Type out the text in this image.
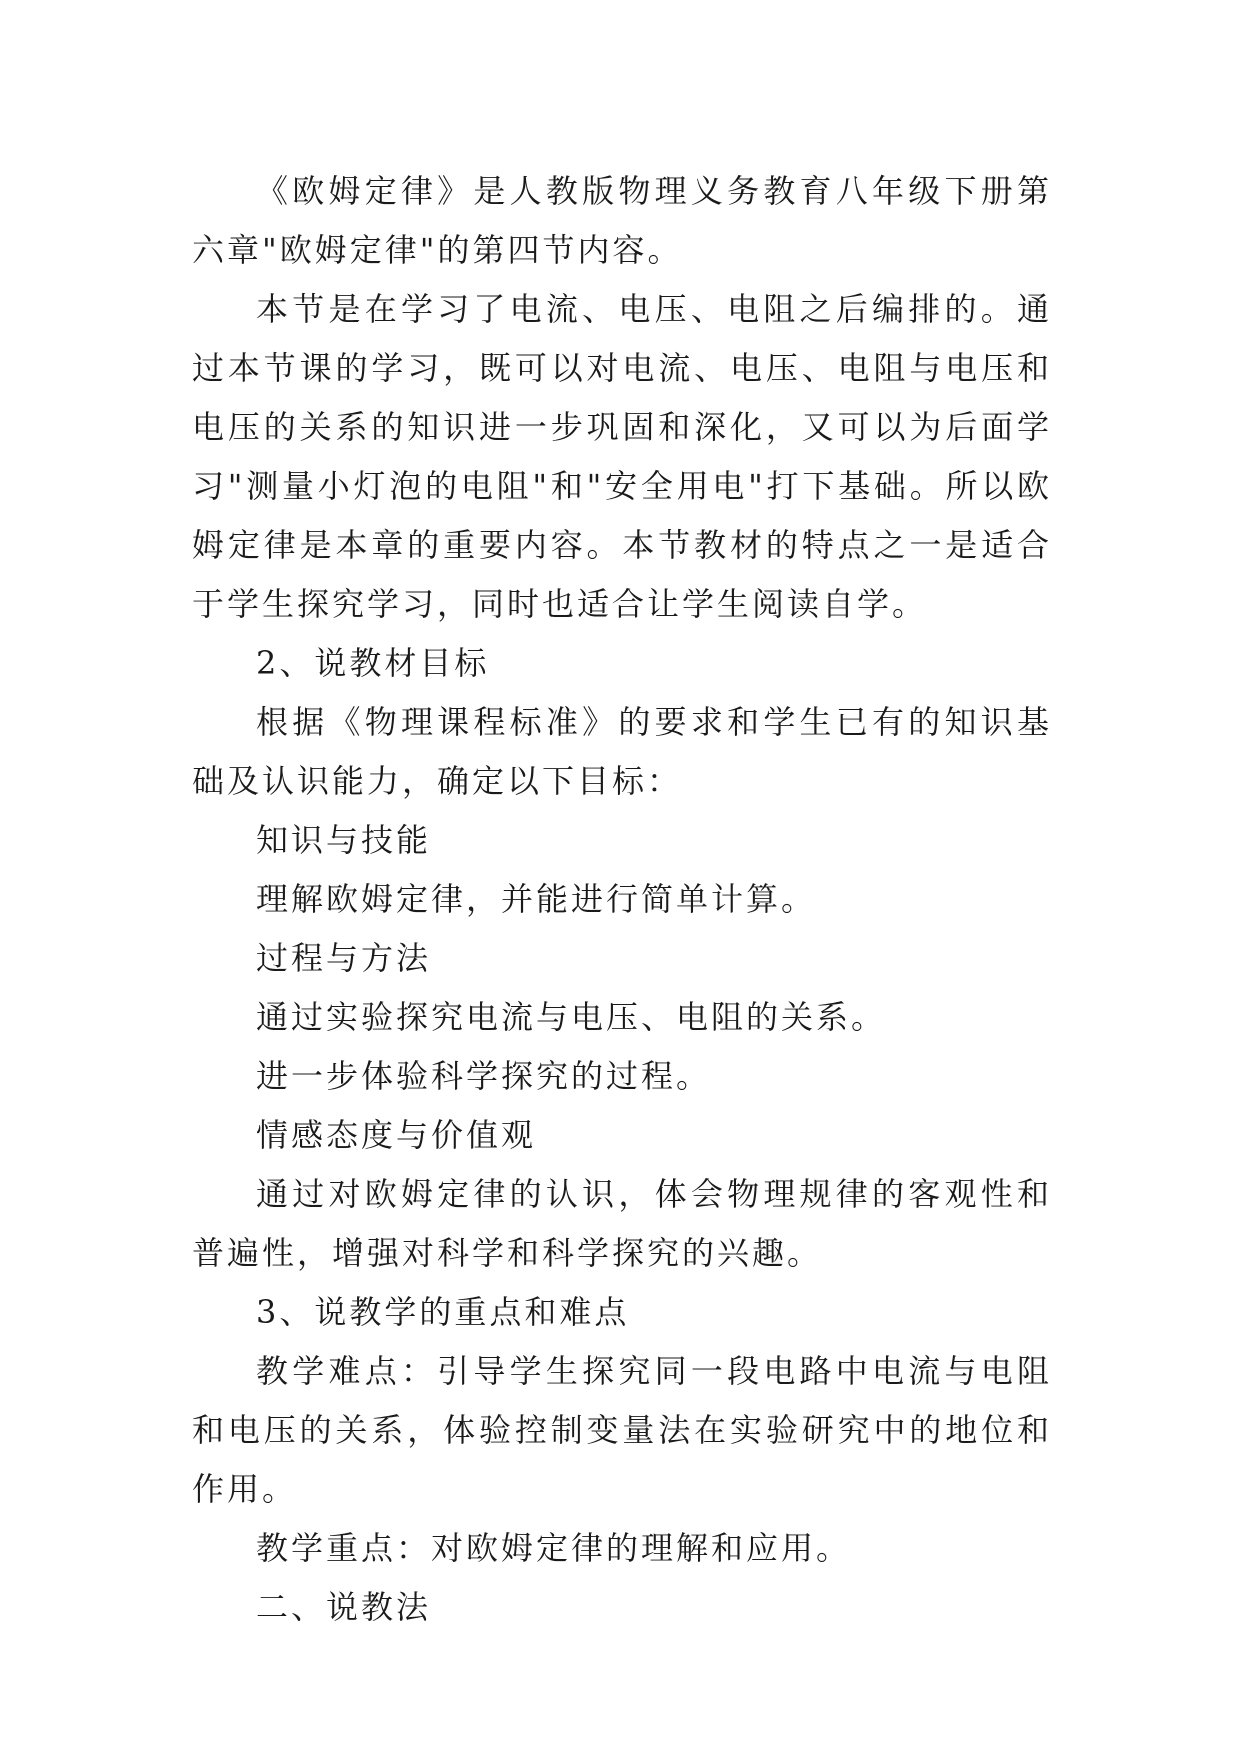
《欧姆定律》是人教版物理义务教育八年级下册第六章"欧姆定律"的第四节内容。

本节是在学习了电流、电压、电阻之后编排的。通过本节课的学习，既可以对电流、电压、电阻与电压和电压的关系的知识进一步巩固和深化，又可以为后面学习"测量小灯泡的电阻"和"安全用电"打下基础。所以欧姆定律是本章的重要内容。本节教材的特点之一是适合于学生探究学习，同时也适合让学生阅读自学。

2、说教材目标

根据《物理课程标准》的要求和学生已有的知识基础及认识能力，确定以下目标：

知识与技能

理解欧姆定律，并能进行简单计算。

过程与方法

通过实验探究电流与电压、电阻的关系。

进一步体验科学探究的过程。

情感态度与价值观

通过对欧姆定律的认识，体会物理规律的客观性和普遍性，增强对科学和科学探究的兴趣。

3、说教学的重点和难点

教学难点：引导学生探究同一段电路中电流与电阻和电压的关系，体验控制变量法在实验研究中的地位和作用。

教学重点：对欧姆定律的理解和应用。

二、说教法
